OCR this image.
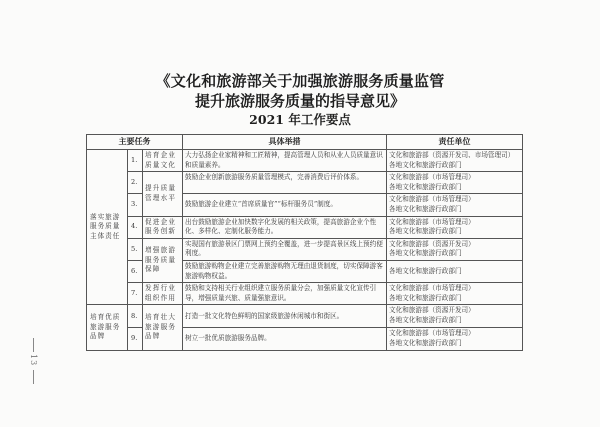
《文化和旅游部关于加强旅游服务质量监管
提升旅游服务质量的指导意见》
2021 年工作要点
主要任务			具体举措	责任单位
落实旅游服务质量主体责任	1.	培育企业质量文化	大力弘扬企业家精神和工匠精神，提高管理人员和从业人员质量意识和质量素养。	文化和旅游部（资源开发司、市场管理司）
各地文化和旅游行政部门

	2.	提升质量管理水平	鼓励企业创新旅游服务质量管理模式，完善消费后评价体系。	文化和旅游部（市场管理司）
各地文化和旅游行政部门

	3.		鼓励旅游企业建立“首席质量官”“标杆服务员”制度。	文化和旅游部（市场管理司）
各地文化和旅游行政部门

	4.	促进企业服务创新	出台鼓励旅游企业加快数字化发展的相关政策，提高旅游企业个性化、多样化、定制化服务能力。	文化和旅游部（市场管理司）
各地文化和旅游行政部门

	5.	增强旅游服务质量保障	实现国有旅游景区门票网上预约全覆盖，进一步提高景区线上预约便利度。	文化和旅游部（资源开发司）
各地文化和旅游行政部门

	6.		鼓励旅游购物企业建立完善旅游购物无理由退货制度，切实保障游客旅游购物权益。	各地文化和旅游行政部门

	7.	发挥行业组织作用	鼓励和支持相关行业组织建立服务质量分会，加强质量文化宣传引导，增强质量兴旅、质量强旅意识。	文化和旅游部（市场管理司）
各地文化和旅游行政部门

培育优质旅游服务品牌	8.	培育壮大旅游服务品牌	打造一批文化特色鲜明的国家级旅游休闲城市和街区。	文化和旅游部（资源开发司）
各地文化和旅游行政部门

	9.		树立一批优质旅游服务品牌。	文化和旅游部（市场管理司）
各地文化和旅游行政部门
13
